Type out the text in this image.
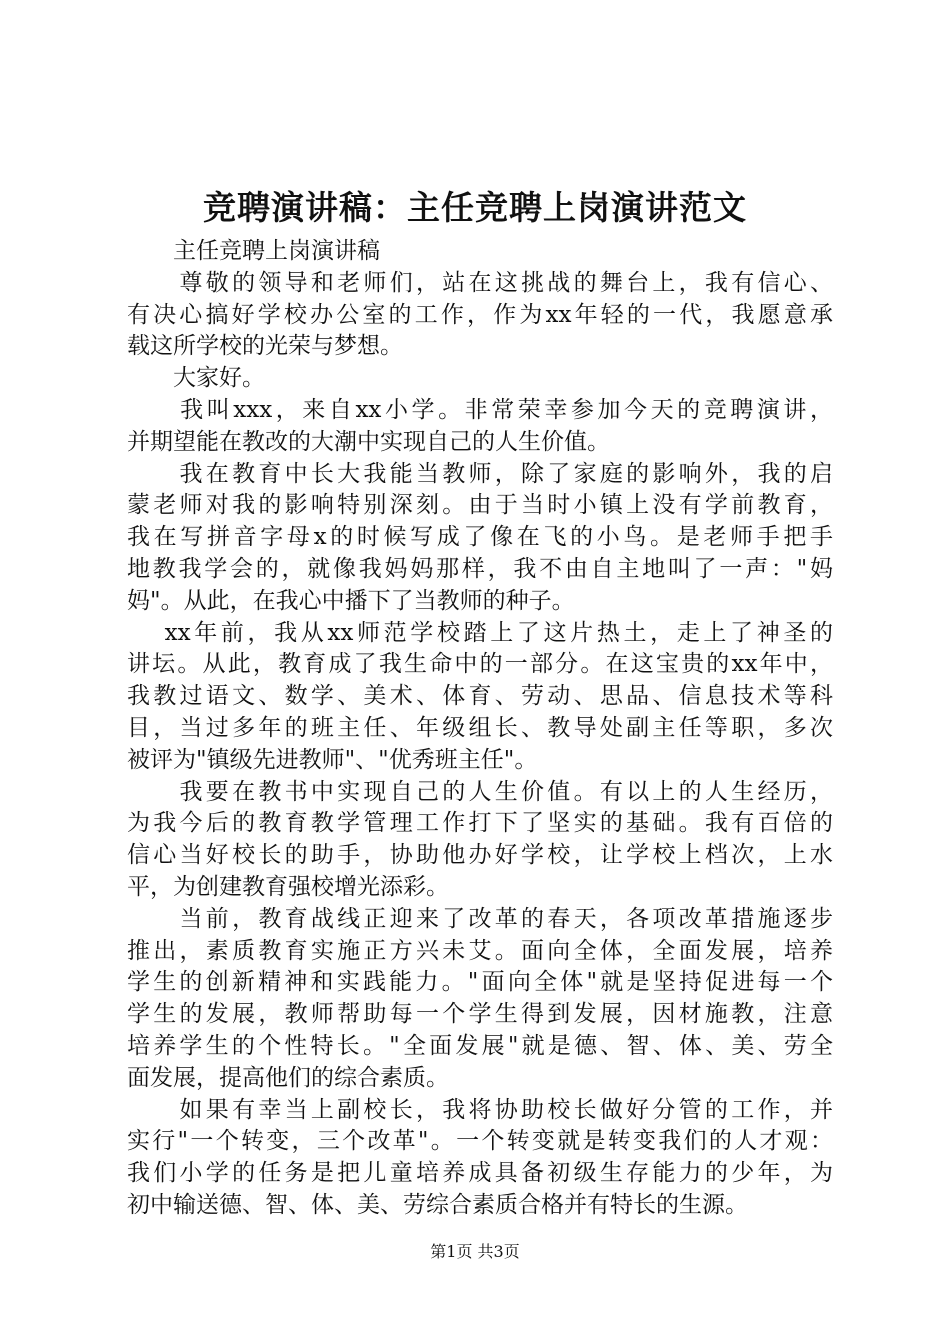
竞聘演讲稿：主任竞聘上岗演讲范文
　　主任竞聘上岗演讲稿
　　尊敬的领导和老师们，站在这挑战的舞台上，我有信心、
有决心搞好学校办公室的工作，作为xx年轻的一代，我愿意承
载这所学校的光荣与梦想。
　　大家好。
　　我叫xxx，来自xx小学。非常荣幸参加今天的竞聘演讲，
并期望能在教改的大潮中实现自己的人生价值。
　　我在教育中长大我能当教师，除了家庭的影响外，我的启
蒙老师对我的影响特别深刻。由于当时小镇上没有学前教育，
我在写拼音字母x的时候写成了像在飞的小鸟。是老师手把手
地教我学会的，就像我妈妈那样，我不由自主地叫了一声："妈
妈"。从此，在我心中播下了当教师的种子。
　 xx年前，我从xx师范学校踏上了这片热土，走上了神圣的
讲坛。从此，教育成了我生命中的一部分。在这宝贵的xx年中，
我教过语文、数学、美术、体育、劳动、思品、信息技术等科
目，当过多年的班主任、年级组长、教导处副主任等职，多次
被评为"镇级先进教师"、"优秀班主任"。
　　我要在教书中实现自己的人生价值。有以上的人生经历，
为我今后的教育教学管理工作打下了坚实的基础。我有百倍的
信心当好校长的助手，协助他办好学校，让学校上档次，上水
平，为创建教育强校增光添彩。
　　当前，教育战线正迎来了改革的春天，各项改革措施逐步
推出，素质教育实施正方兴未艾。面向全体，全面发展，培养
学生的创新精神和实践能力。"面向全体"就是坚持促进每一个
学生的发展，教师帮助每一个学生得到发展，因材施教，注意
培养学生的个性特长。"全面发展"就是德、智、体、美、劳全
面发展，提高他们的综合素质。
　　如果有幸当上副校长，我将协助校长做好分管的工作，并
实行"一个转变，三个改革"。一个转变就是转变我们的人才观：
我们小学的任务是把儿童培养成具备初级生存能力的少年，为
初中输送德、智、体、美、劳综合素质合格并有特长的生源。
第1页 共3页
